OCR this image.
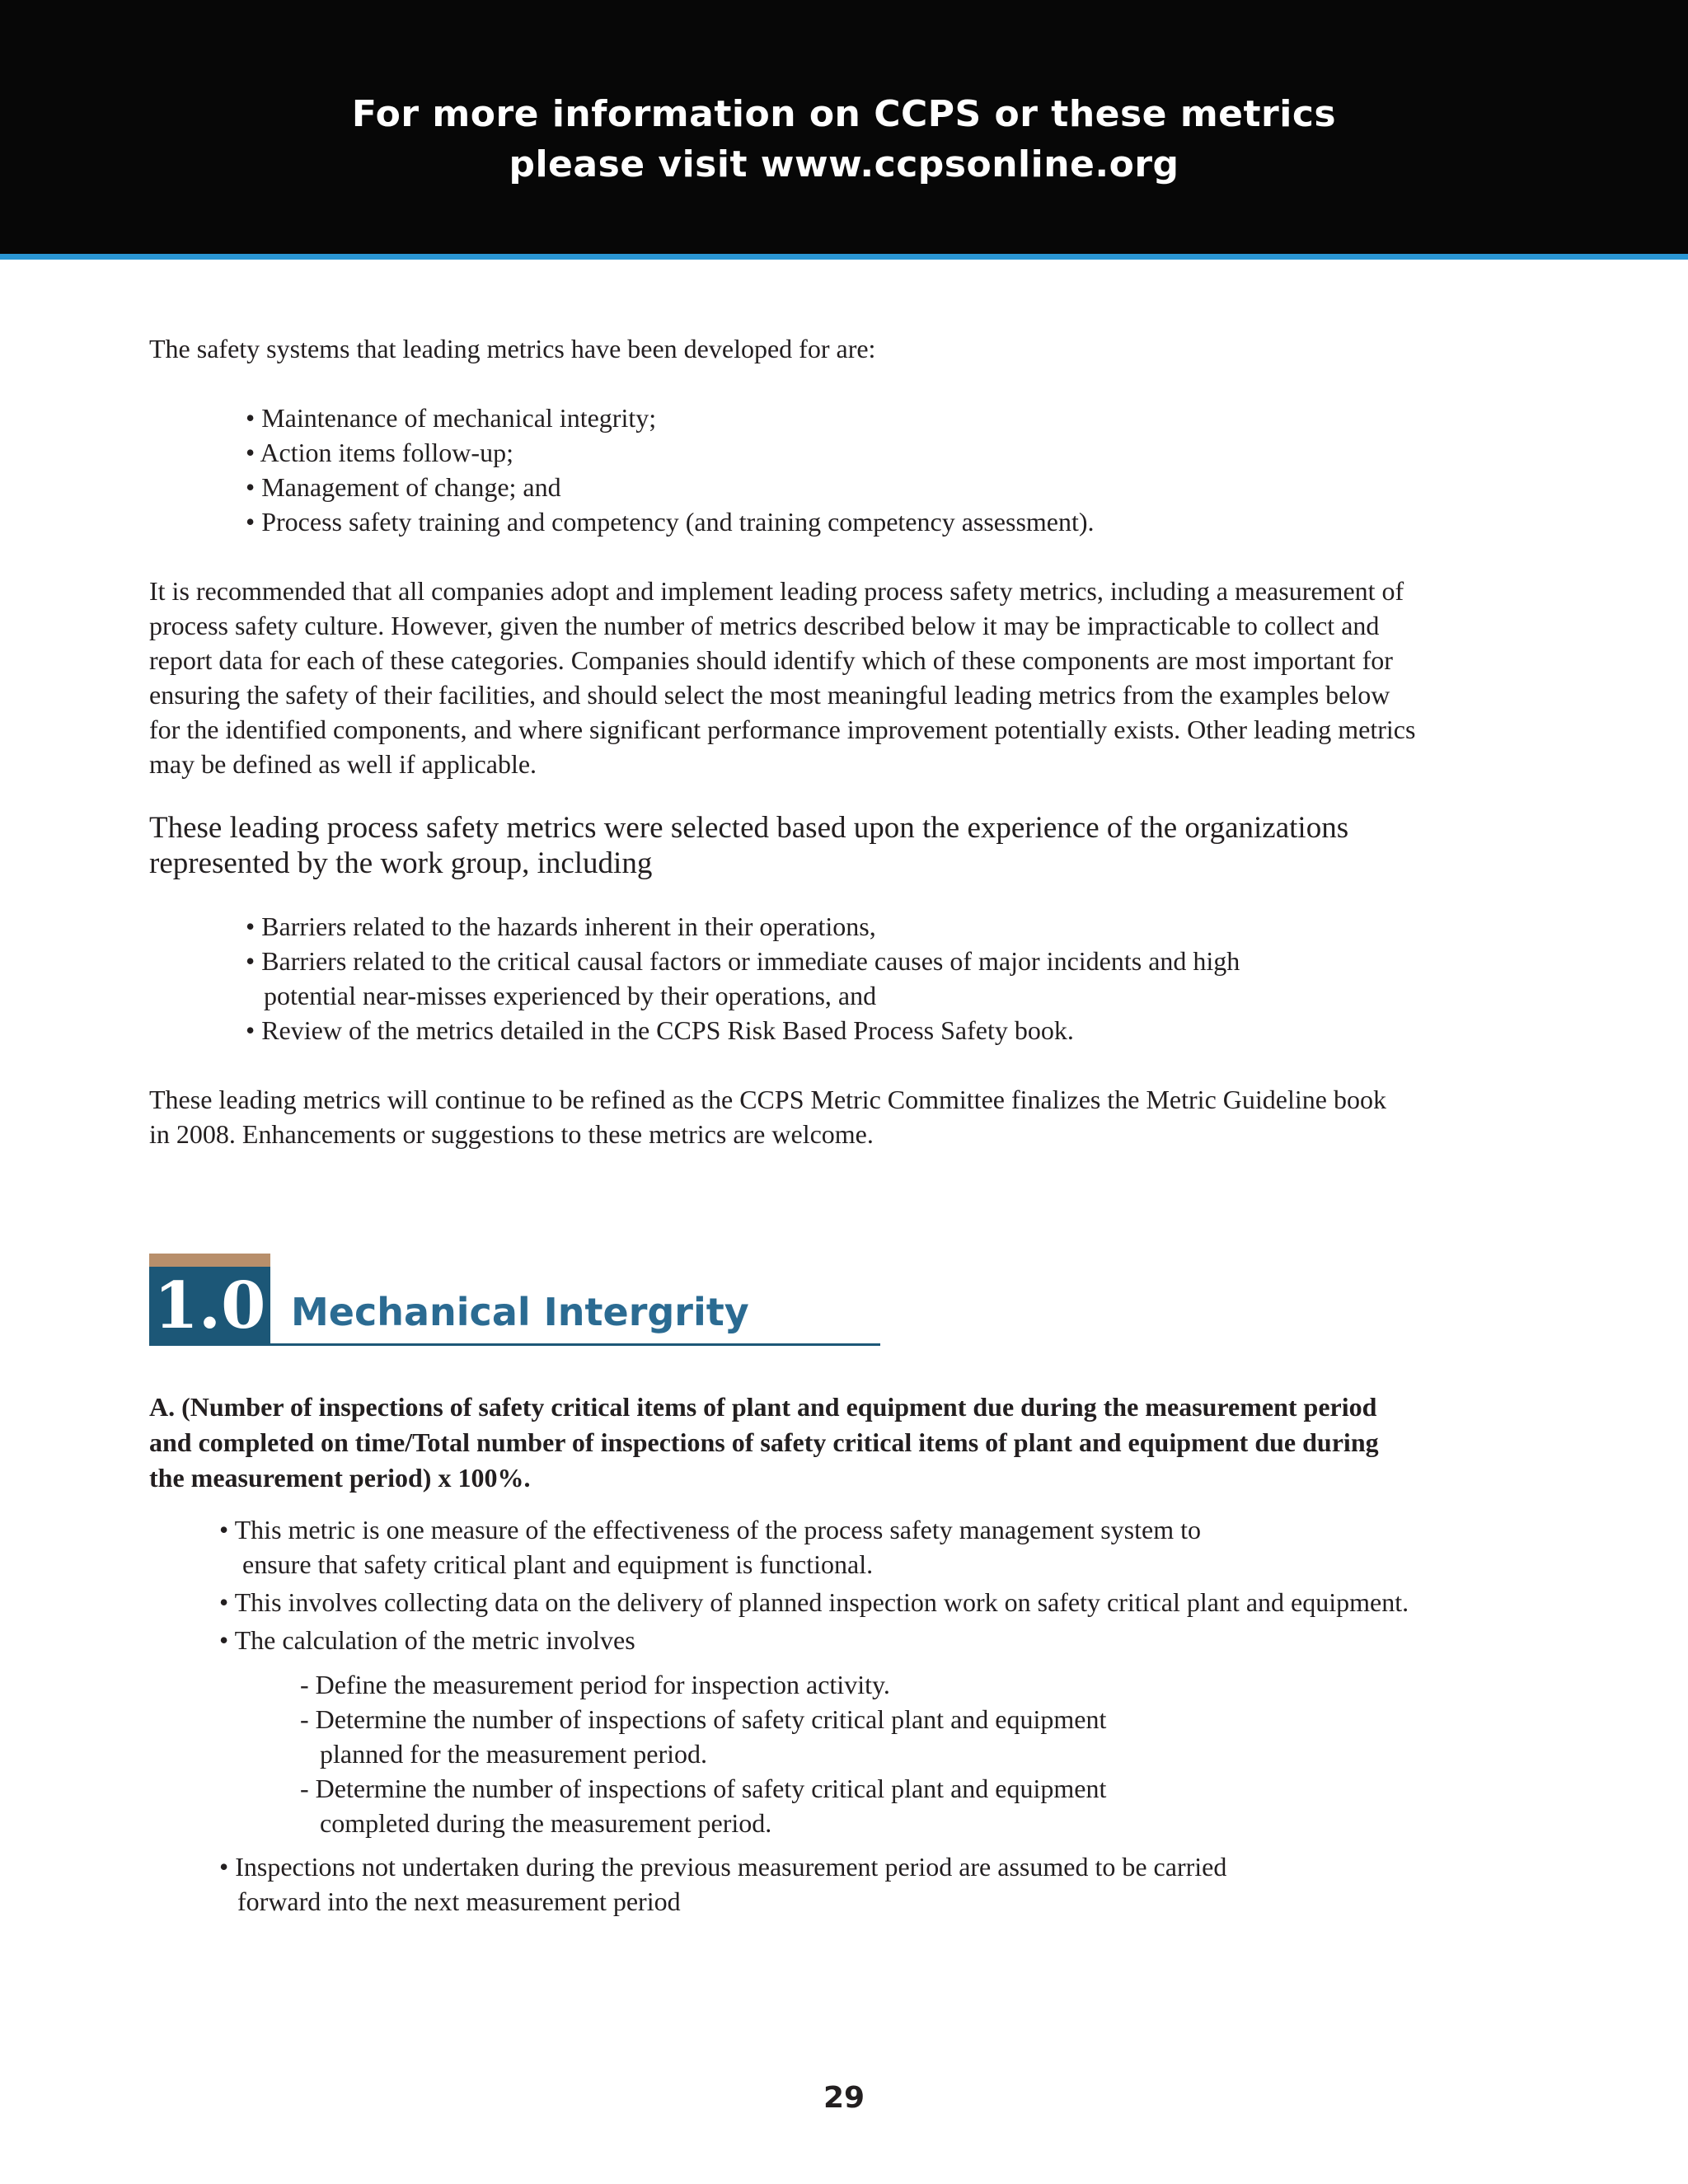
For more information on CCPS or these metrics
please visit www.ccpsonline.org
The safety systems that leading metrics have been developed for are:
• Maintenance of mechanical integrity;
• Action items follow-up;
• Management of change; and
• Process safety training and competency (and training competency assessment).
It is recommended that all companies adopt and implement leading process safety metrics, including a measurement of
process safety culture. However, given the number of metrics described below it may be impracticable to collect and
report data for each of these categories. Companies should identify which of these components are most important for
ensuring the safety of their facilities, and should select the most meaningful leading metrics from the examples below
for the identified components, and where significant performance improvement potentially exists. Other leading metrics
may be defined as well if applicable.
These leading process safety metrics were selected based upon the experience of the organizations
represented by the work group, including
• Barriers related to the hazards inherent in their operations,
• Barriers related to the critical causal factors or immediate causes of major incidents and high
potential near-misses experienced by their operations, and
• Review of the metrics detailed in the CCPS Risk Based Process Safety book.
These leading metrics will continue to be refined as the CCPS Metric Committee finalizes the Metric Guideline book
in 2008. Enhancements or suggestions to these metrics are welcome.
1.0 Mechanical Intergrity
A. (Number of inspections of safety critical items of plant and equipment due during the measurement period
and completed on time/Total number of inspections of safety critical items of plant and equipment due during
the measurement period) x 100%.
• This metric is one measure of the effectiveness of the process safety management system to
ensure that safety critical plant and equipment is functional.
• This involves collecting data on the delivery of planned inspection work on safety critical plant and equipment.
• The calculation of the metric involves
- Define the measurement period for inspection activity.
- Determine the number of inspections of safety critical plant and equipment
planned for the measurement period.
- Determine the number of inspections of safety critical plant and equipment
completed during the measurement period.
• Inspections not undertaken during the previous measurement period are assumed to be carried
forward into the next measurement period
29
